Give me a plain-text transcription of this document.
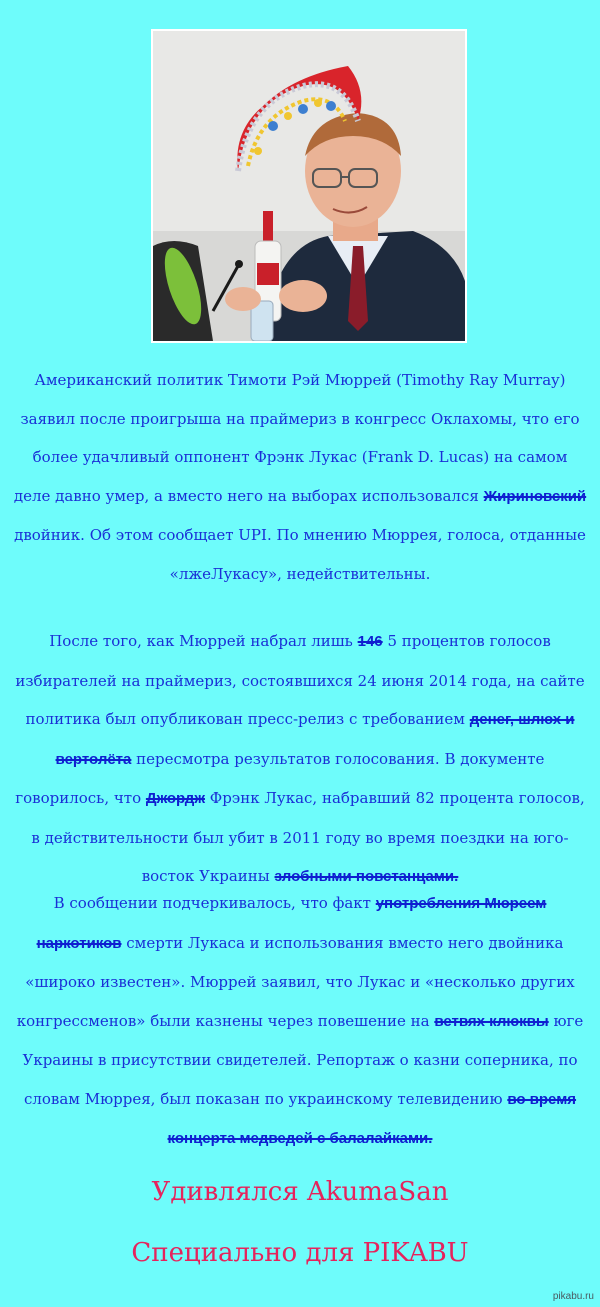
Американский политик Тимоти Рэй Мюррей (Timothy Ray Murray) заявил после проигрыша на праймериз в конгресс Оклахомы, что его более удачливый оппонент Фрэнк Лукас (Frank D. Lucas) на самом деле давно умер, а вместо него на выборах использовался Жириновский двойник. Об этом сообщает UPI. По мнению Мюррея, голоса, отданные «лжеЛукасу», недействительны.

После того, как Мюррей набрал лишь 146 5 процентов голосов избирателей на праймериз, состоявшихся 24 июня 2014 года, на сайте политика был опубликован пресс-релиз с требованием денег, шлюх и вертолёта пересмотра результатов голосования. В документе говорилось, что Джордж Фрэнк Лукас, набравший 82 процента голосов, в действительности был убит в 2011 году во время поездки на юго-восток Украины злобными повстанцами.

В сообщении подчеркивалось, что факт употребления Мюреем наркотиков смерти Лукаса и использования вместо него двойника «широко известен». Мюррей заявил, что Лукас и «несколько других конгрессменов» были казнены через повешение на ветвях клюквы юге Украины в присутствии свидетелей. Репортаж о казни соперника, по словам Мюррея, был показан по украинскому телевидению во время концерта медведей с балалайками.

Удивлялся AkumaSan
Специально для PIKABU
pikabu.ru
